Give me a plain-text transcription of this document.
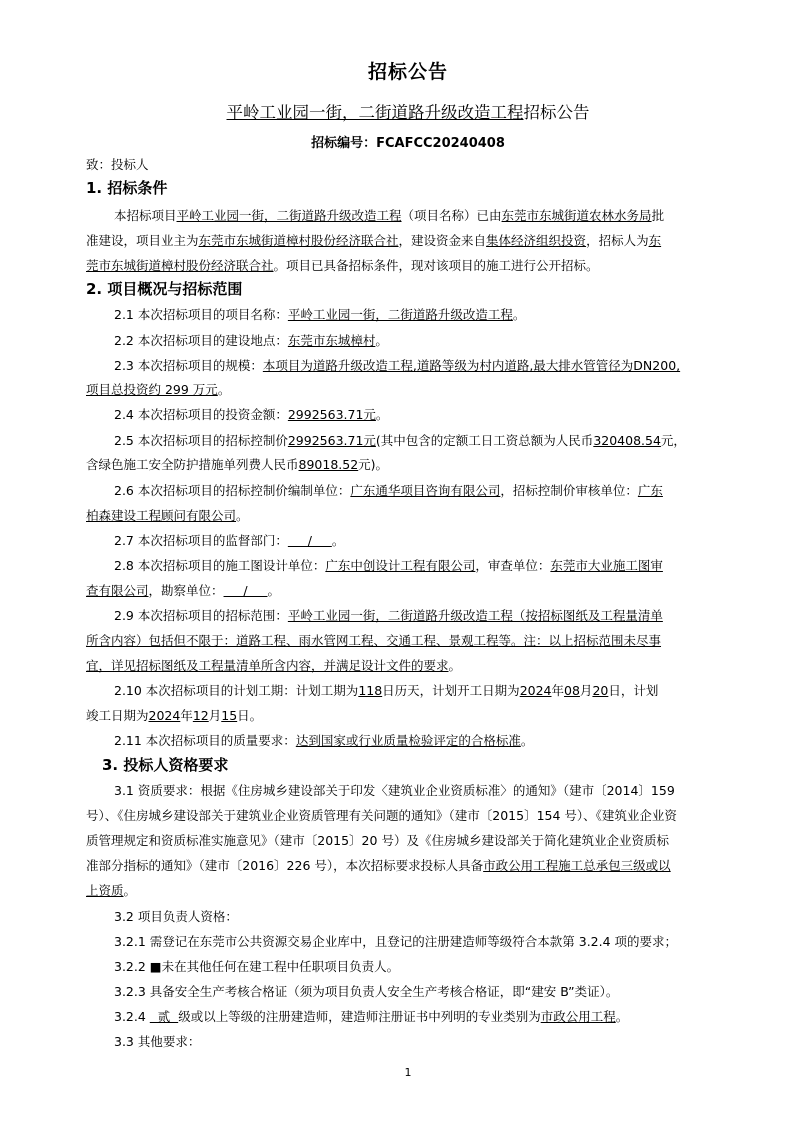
招标公告
平岭工业园一街，二街道路升级改造工程招标公告
招标编号：FCAFCC20240408
致：投标人
1. 招标条件
本招标项目平岭工业园一街，二街道路升级改造工程（项目名称）已由东莞市东城街道农林水务局批
准建设，项目业主为东莞市东城街道樟村股份经济联合社，建设资金来自集体经济组织投资，招标人为东
莞市东城街道樟村股份经济联合社。项目已具备招标条件，现对该项目的施工进行公开招标。
2. 项目概况与招标范围
2.1 本次招标项目的项目名称：平岭工业园一街，二街道路升级改造工程。
2.2 本次招标项目的建设地点：东莞市东城樟村。
2.3 本次招标项目的规模：本项目为道路升级改造工程,道路等级为村内道路,最大排水管管径为DN200,
项目总投资约 299 万元。
2.4 本次招标项目的投资金额：2992563.71元。
2.5 本次招标项目的招标控制价2992563.71元(其中包含的定额工日工资总额为人民币320408.54元，
含绿色施工安全防护措施单列费人民币89018.52元)。
2.6 本次招标项目的招标控制价编制单位：广东通华项目咨询有限公司，招标控制价审核单位：广东
柏森建设工程顾问有限公司。
2.7 本次招标项目的监督部门：     /     。
2.8 本次招标项目的施工图设计单位：广东中创设计工程有限公司，审查单位：东莞市大业施工图审
查有限公司，勘察单位：     /     。
2.9 本次招标项目的招标范围：平岭工业园一街，二街道路升级改造工程（按招标图纸及工程量清单
所含内容）包括但不限于：道路工程、雨水管网工程、交通工程、景观工程等。注：以上招标范围未尽事
宜，详见招标图纸及工程量清单所含内容，并满足设计文件的要求。
2.10 本次招标项目的计划工期：计划工期为118日历天，计划开工日期为2024年08月20日，计划
竣工日期为2024年12月15日。
2.11 本次招标项目的质量要求：达到国家或行业质量检验评定的合格标准。
3. 投标人资格要求
3.1 资质要求：根据《住房城乡建设部关于印发〈建筑业企业资质标准〉的通知》（建市〔2014〕159
号）、《住房城乡建设部关于建筑业企业资质管理有关问题的通知》（建市〔2015〕154 号）、《建筑业企业资
质管理规定和资质标准实施意见》（建市〔2015〕20 号）及《住房城乡建设部关于简化建筑业企业资质标
准部分指标的通知》（建市〔2016〕226 号），本次招标要求投标人具备市政公用工程施工总承包三级或以
上资质。
3.2 项目负责人资格：
3.2.1 需登记在东莞市公共资源交易企业库中，且登记的注册建造师等级符合本款第 3.2.4 项的要求；
3.2.2 ■未在其他任何在建工程中任职项目负责人。
3.2.3 具备安全生产考核合格证（须为项目负责人安全生产考核合格证，即“建安 B”类证）。
3.2.4   贰  级或以上等级的注册建造师，建造师注册证书中列明的专业类别为市政公用工程。
3.3 其他要求：
1
